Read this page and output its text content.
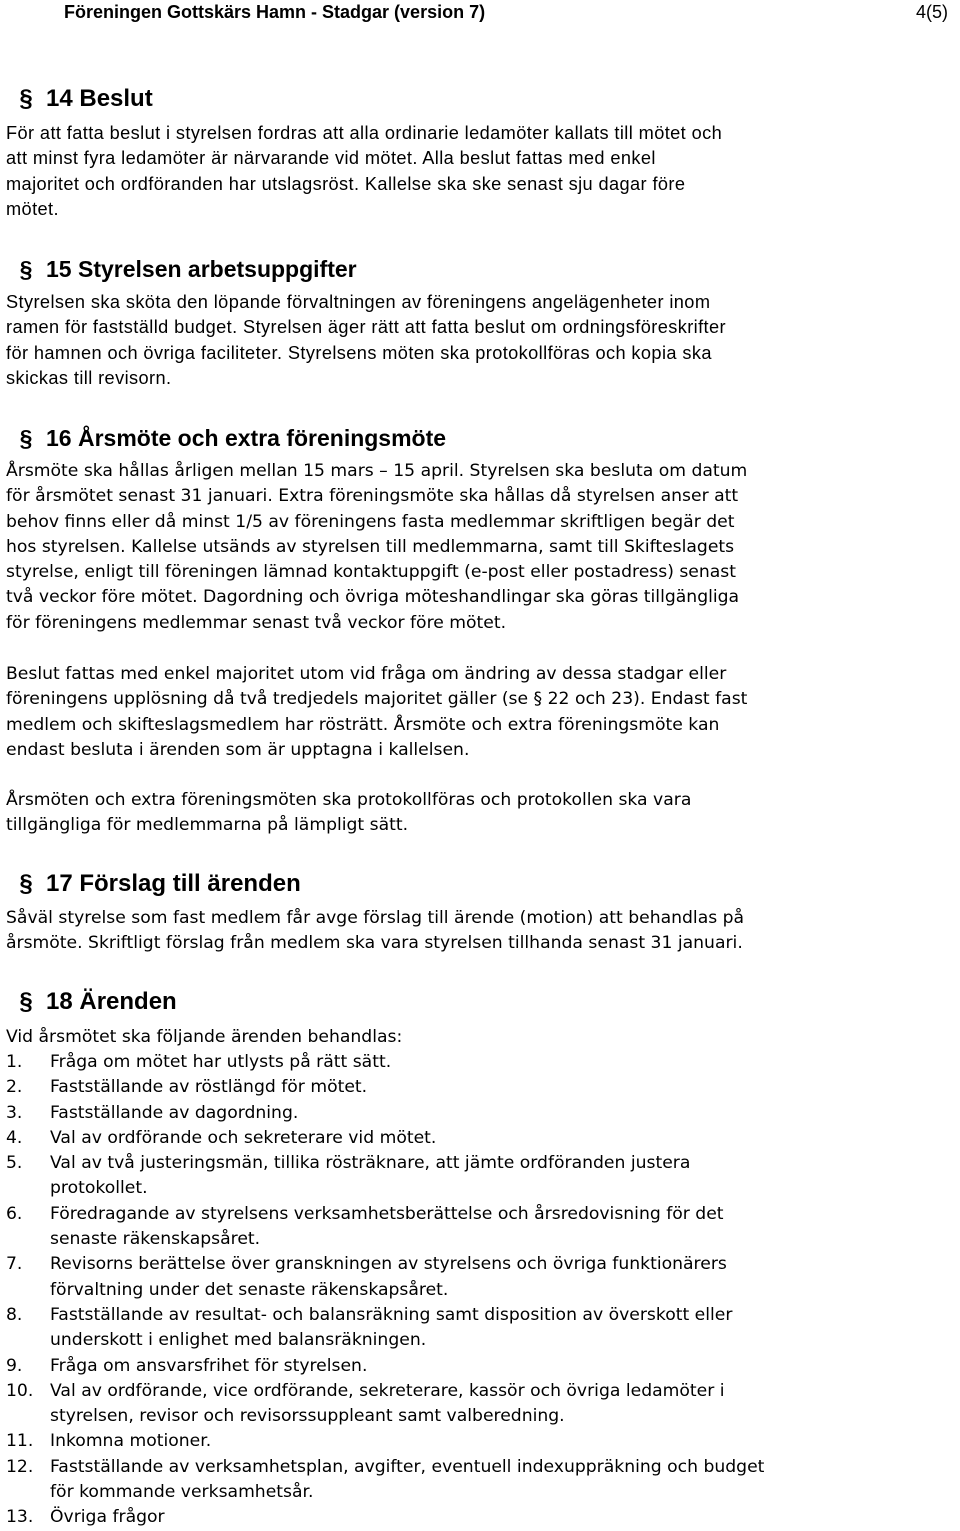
Föreningen Gottskärs Hamn - Stadgar (version 7)	4(5)
§ 14 Beslut
För att fatta beslut i styrelsen fordras att alla ordinarie ledamöter kallats till mötet och
att minst fyra ledamöter är närvarande vid mötet. Alla beslut fattas med enkel
majoritet och ordföranden har utslagsröst. Kallelse ska ske senast sju dagar före
mötet.
§ 15 Styrelsen arbetsuppgifter
Styrelsen ska sköta den löpande förvaltningen av föreningens angelägenheter inom
ramen för fastställd budget. Styrelsen äger rätt att fatta beslut om ordningsföreskrifter
för hamnen och övriga faciliteter. Styrelsens möten ska protokollföras och kopia ska
skickas till revisorn.
§ 16 Årsmöte och extra föreningsmöte
Årsmöte ska hållas årligen mellan 15 mars – 15 april. Styrelsen ska besluta om datum
för årsmötet senast 31 januari. Extra föreningsmöte ska hållas då styrelsen anser att
behov finns eller då minst 1/5 av föreningens fasta medlemmar skriftligen begär det
hos styrelsen. Kallelse utsänds av styrelsen till medlemmarna, samt till Skifteslagets
styrelse, enligt till föreningen lämnad kontaktuppgift (e-post eller postadress) senast
två veckor före mötet. Dagordning och övriga möteshandlingar ska göras tillgängliga
för föreningens medlemmar senast två veckor före mötet.
Beslut fattas med enkel majoritet utom vid fråga om ändring av dessa stadgar eller
föreningens upplösning då två tredjedels majoritet gäller (se § 22 och 23). Endast fast
medlem och skifteslagsmedlem har rösträtt. Årsmöte och extra föreningsmöte kan
endast besluta i ärenden som är upptagna i kallelsen.
Årsmöten och extra föreningsmöten ska protokollföras och protokollen ska vara
tillgängliga för medlemmarna på lämpligt sätt.
§ 17 Förslag till ärenden
Såväl styrelse som fast medlem får avge förslag till ärende (motion) att behandlas på
årsmöte. Skriftligt förslag från medlem ska vara styrelsen tillhanda senast 31 januari.
§ 18 Ärenden
Vid årsmötet ska följande ärenden behandlas:
1. Fråga om mötet har utlysts på rätt sätt.
2. Fastställande av röstlängd för mötet.
3. Fastställande av dagordning.
4. Val av ordförande och sekreterare vid mötet.
5. Val av två justeringsmän, tillika rösträknare, att jämte ordföranden justera
protokollet.
6. Föredragande av styrelsens verksamhetsberättelse och årsredovisning för det
senaste räkenskapsåret.
7. Revisorns berättelse över granskningen av styrelsens och övriga funktionärers
förvaltning under det senaste räkenskapsåret.
8. Fastställande av resultat- och balansräkning samt disposition av överskott eller
underskott i enlighet med balansräkningen.
9. Fråga om ansvarsfrihet för styrelsen.
10. Val av ordförande, vice ordförande, sekreterare, kassör och övriga ledamöter i
styrelsen, revisor och revisorssuppleant samt valberedning.
11. Inkomna motioner.
12. Fastställande av verksamhetsplan, avgifter, eventuell indexuppräkning och budget
för kommande verksamhetsår.
13. Övriga frågor
